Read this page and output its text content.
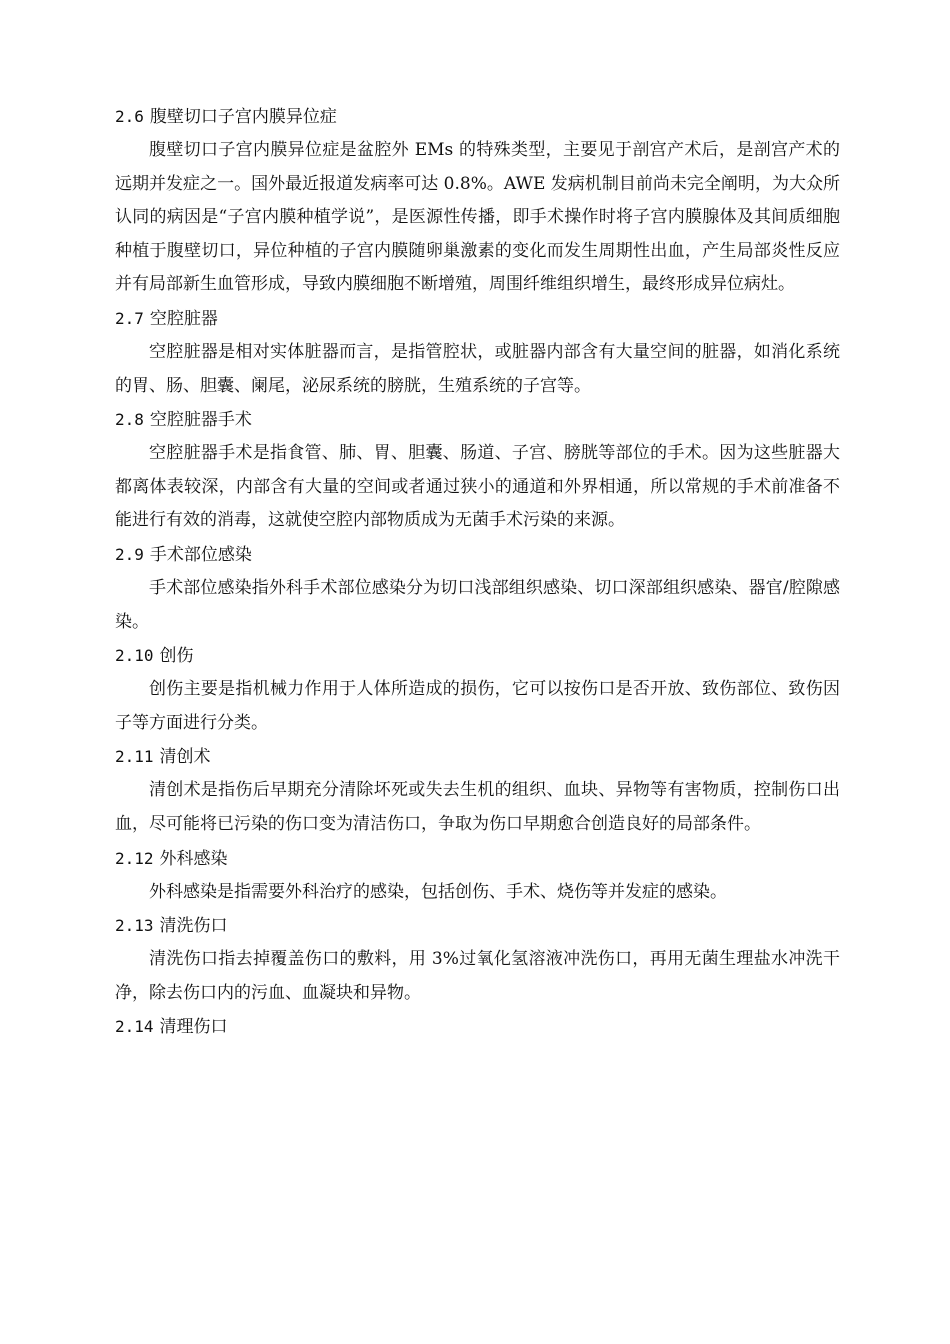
2.6 腹壁切口子宫内膜异位症

腹壁切口子宫内膜异位症是盆腔外 EMs 的特殊类型，主要见于剖宫产术后，是剖宫产术的远期并发症之一。国外最近报道发病率可达 0.8%。AWE 发病机制目前尚未完全阐明，为大众所认同的病因是“子宫内膜种植学说”，是医源性传播，即手术操作时将子宫内膜腺体及其间质细胞种植于腹壁切口，异位种植的子宫内膜随卵巢激素的变化而发生周期性出血，产生局部炎性反应并有局部新生血管形成，导致内膜细胞不断增殖，周围纤维组织增生，最终形成异位病灶。

2.7 空腔脏器

空腔脏器是相对实体脏器而言，是指管腔状，或脏器内部含有大量空间的脏器，如消化系统的胃、肠、胆囊、阑尾，泌尿系统的膀胱，生殖系统的子宫等。

2.8 空腔脏器手术

空腔脏器手术是指食管、肺、胃、胆囊、肠道、子宫、膀胱等部位的手术。因为这些脏器大都离体表较深，内部含有大量的空间或者通过狭小的通道和外界相通，所以常规的手术前准备不能进行有效的消毒，这就使空腔内部物质成为无菌手术污染的来源。

2.9 手术部位感染

手术部位感染指外科手术部位感染分为切口浅部组织感染、切口深部组织感染、器官/腔隙感染。

2.10 创伤

创伤主要是指机械力作用于人体所造成的损伤，它可以按伤口是否开放、致伤部位、致伤因子等方面进行分类。

2.11 清创术

清创术是指伤后早期充分清除坏死或失去生机的组织、血块、异物等有害物质，控制伤口出血，尽可能将已污染的伤口变为清洁伤口，争取为伤口早期愈合创造良好的局部条件。

2.12 外科感染

外科感染是指需要外科治疗的感染，包括创伤、手术、烧伤等并发症的感染。

2.13 清洗伤口

清洗伤口指去掉覆盖伤口的敷料，用 3%过氧化氢溶液冲洗伤口，再用无菌生理盐水冲洗干净，除去伤口内的污血、血凝块和异物。

2.14 清理伤口
